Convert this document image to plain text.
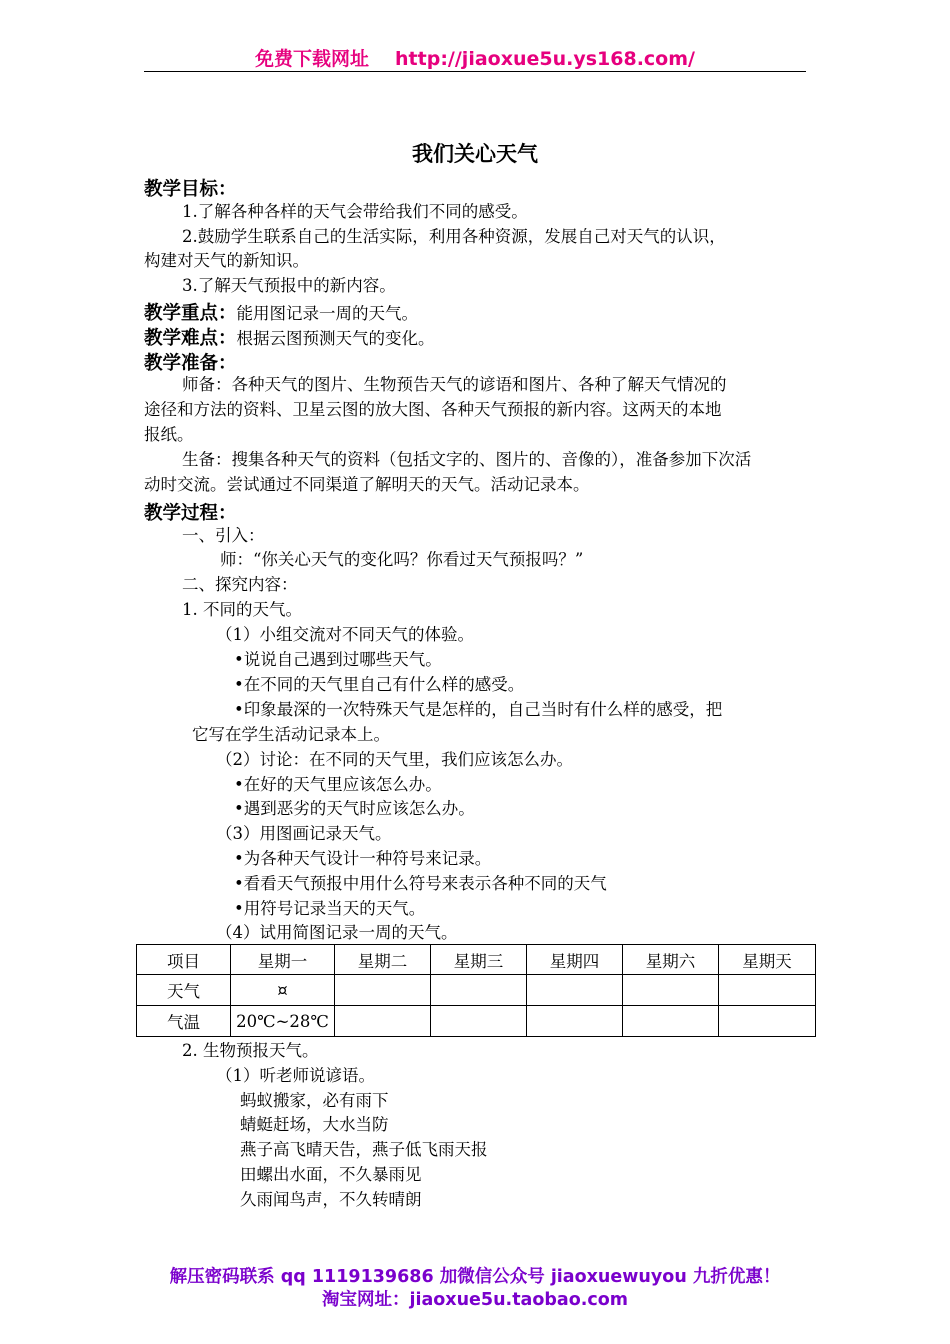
免费下载网址 http://jiaoxue5u.ys168.com/
我们关心天气
教学目标：
1.了解各种各样的天气会带给我们不同的感受。
2.鼓励学生联系自己的生活实际，利用各种资源，发展自己对天气的认识，
构建对天气的新知识。
3.了解天气预报中的新内容。
教学重点：能用图记录一周的天气。
教学难点：根据云图预测天气的变化。
教学准备：
师备：各种天气的图片、生物预告天气的谚语和图片、各种了解天气情况的
途径和方法的资料、卫星云图的放大图、各种天气预报的新内容。这两天的本地
报纸。
生备：搜集各种天气的资料（包括文字的、图片的、音像的），准备参加下次活
动时交流。尝试通过不同渠道了解明天的天气。活动记录本。
教学过程：
一、引入：
师：“你关心天气的变化吗？你看过天气预报吗？”
二、探究内容：
1. 不同的天气。
（1）小组交流对不同天气的体验。
•说说自己遇到过哪些天气。
•在不同的天气里自己有什么样的感受。
•印象最深的一次特殊天气是怎样的，自己当时有什么样的感受，把
它写在学生活动记录本上。
（2）讨论：在不同的天气里，我们应该怎么办。
•在好的天气里应该怎么办。
•遇到恶劣的天气时应该怎么办。
（3）用图画记录天气。
•为各种天气设计一种符号来记录。
•看看天气预报中用什么符号来表示各种不同的天气
•用符号记录当天的天气。
（4）试用简图记录一周的天气。
项目	星期一	星期二	星期三	星期四	星期六	星期天
天气	¤					
气温	20℃~28℃					
2. 生物预报天气。
（1）听老师说谚语。
蚂蚁搬家，必有雨下
蜻蜓赶场，大水当防
燕子高飞晴天告，燕子低飞雨天报
田螺出水面，不久暴雨见
久雨闻鸟声，不久转晴朗
解压密码联系 qq 1119139686 加微信公众号 jiaoxuewuyou 九折优惠！
淘宝网址：jiaoxue5u.taobao.com
